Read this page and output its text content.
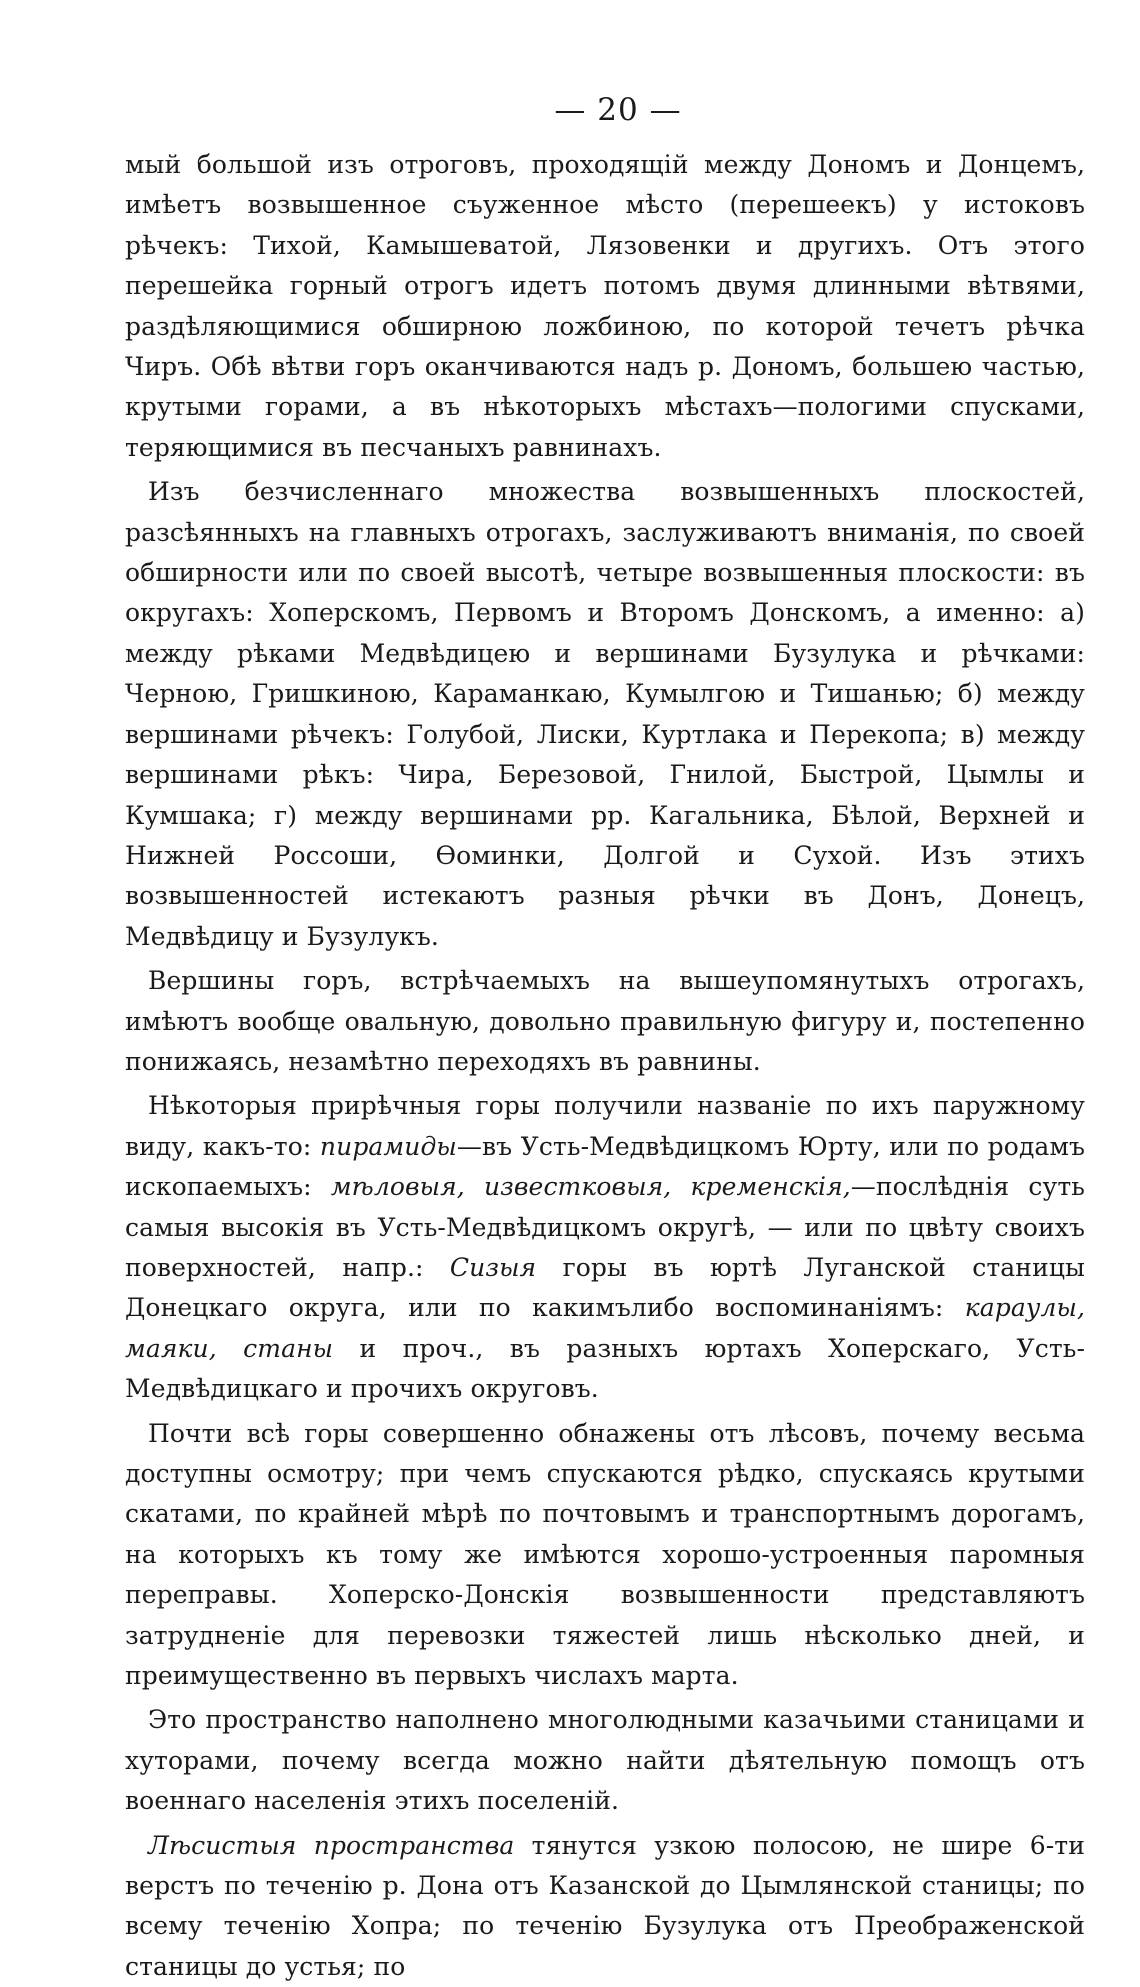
— 20 —

мый большой изъ отроговъ, проходящій между Дономъ и Донцемъ, имѣетъ возвышенное съуженное мѣсто (перешеекъ) у истоковъ рѣчекъ: Тихой, Камышеватой, Лязовенки и другихъ. Отъ этого перешейка горный отрогъ идетъ потомъ двумя длинными вѣтвями, раздѣляющимися обширною ложбиною, по которой течетъ рѣчка Чиръ. Обѣ вѣтви горъ оканчиваются надъ р. Дономъ, большею частью, крутыми горами, а въ нѣкоторыхъ мѣстахъ—пологими спусками, теряющимися въ песчаныхъ равнинахъ.

Изъ безчисленнаго множества возвышенныхъ плоскостей, разсѣянныхъ на главныхъ отрогахъ, заслуживаютъ вниманія, по своей обширности или по своей высотѣ, четыре возвышенныя плоскости: въ округахъ: Хоперскомъ, Первомъ и Второмъ Донскомъ, а именно: а) между рѣками Медвѣдицею и вершинами Бузулука и рѣчками: Черною, Гришкиною, Караманкаю, Кумылгою и Тишанью; б) между вершинами рѣчекъ: Голубой, Лиски, Куртлака и Перекопа; в) между вершинами рѣкъ: Чира, Березовой, Гнилой, Быстрой, Цымлы и Кумшака; г) между вершинами рр. Кагальника, Бѣлой, Верхней и Нижней Россоши, Ѳоминки, Долгой и Сухой. Изъ этихъ возвышенностей истекаютъ разныя рѣчки въ Донъ, Донецъ, Медвѣдицу и Бузулукъ.

Вершины горъ, встрѣчаемыхъ на вышеупомянутыхъ отрогахъ, имѣютъ вообще овальную, довольно правильную фигуру и, постепенно понижаясь, незамѣтно переходяхъ въ равнины.

Нѣкоторыя прирѣчныя горы получили названіе по ихъ паружному виду, какъ-то: пирамиды—въ Усть-Медвѣдицкомъ Юрту, или по родамъ ископаемыхъ: мѣловыя, известковыя, кременскія,—послѣднія суть самыя высокія въ Усть-Медвѣдицкомъ округѣ, — или по цвѣту своихъ поверхностей, напр.: Сизыя горы въ юртѣ Луганской станицы Донецкаго округа, или по какимълибо воспоминаніямъ: караулы, маяки, станы и проч., въ разныхъ юртахъ Хоперскаго, Усть-Медвѣдицкаго и прочихъ округовъ.

Почти всѣ горы совершенно обнажены отъ лѣсовъ, почему весьма доступны осмотру; при чемъ спускаются рѣдко, спускаясь крутыми скатами, по крайней мѣрѣ по почтовымъ и транспортнымъ дорогамъ, на которыхъ къ тому же имѣются хорошо-устроенныя паромныя переправы. Хоперско-Донскія возвышенности представляютъ затрудненіе для перевозки тяжестей лишь нѣсколько дней, и преимущественно въ первыхъ числахъ марта.

Это пространство наполнено многолюдными казачьими станицами и хуторами, почему всегда можно найти дѣятельную помощъ отъ военнаго населенія этихъ поселеній.

Лѣсистыя пространства тянутся узкою полосою, не шире 6-ти верстъ по теченію р. Дона отъ Казанской до Цымлянской станицы; по всему теченію Хопра; по теченію Бузулука отъ Преображенской станицы до устья; по
